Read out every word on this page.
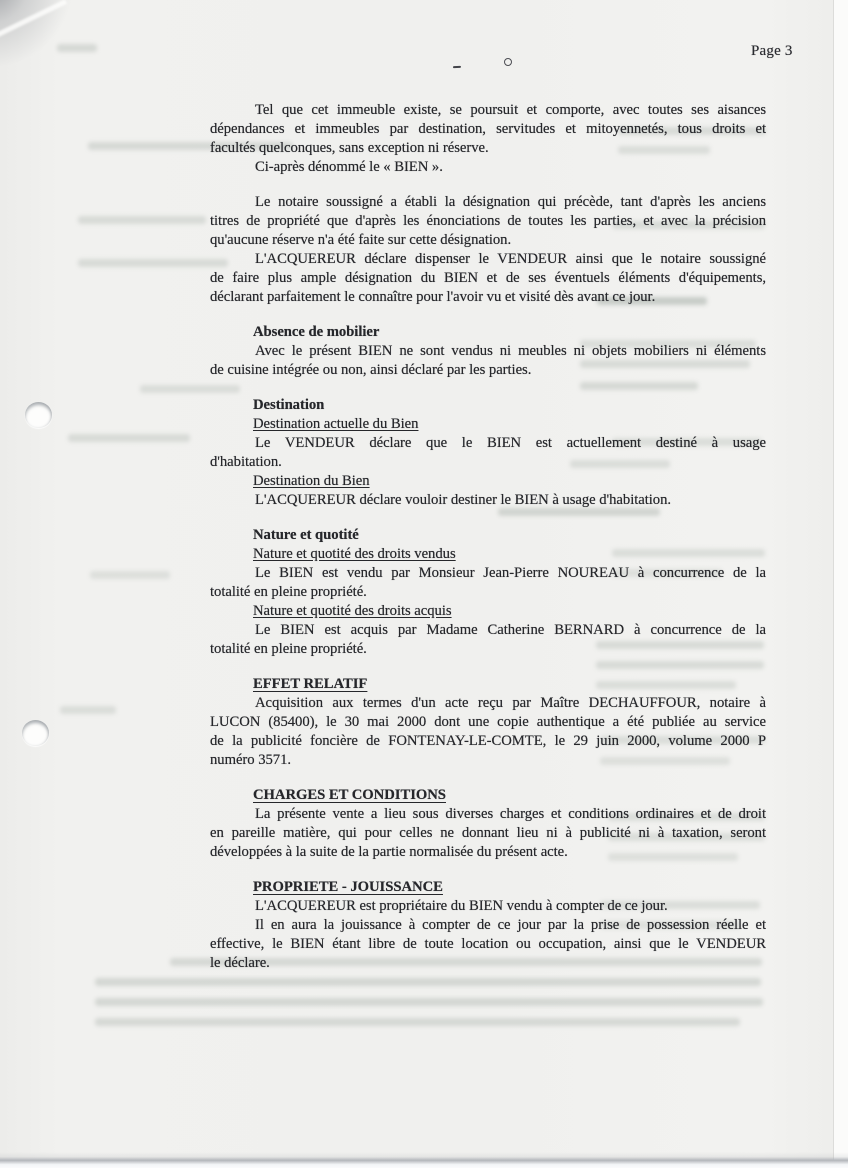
Page 3
Tel que cet immeuble existe, se poursuit et comporte, avec toutes ses aisances
dépendances et immeubles par destination, servitudes et mitoyennetés, tous droits et
facultés quelconques, sans exception ni réserve.
Ci-après dénommé le « BIEN ».
Le notaire soussigné a établi la désignation qui précède, tant d'après les anciens
titres de propriété que d'après les énonciations de toutes les parties, et avec la précision
qu'aucune réserve n'a été faite sur cette désignation.
L'ACQUEREUR déclare dispenser le VENDEUR ainsi que le notaire soussigné
de faire plus ample désignation du BIEN et de ses éventuels éléments d'équipements,
déclarant parfaitement le connaître pour l'avoir vu et visité dès avant ce jour.
Absence de mobilier
Avec le présent BIEN ne sont vendus ni meubles ni objets mobiliers ni éléments
de cuisine intégrée ou non, ainsi déclaré par les parties.
Destination
Destination actuelle du Bien
Le VENDEUR déclare que le BIEN est actuellement destiné à usage
d'habitation.
Destination du Bien
L'ACQUEREUR déclare vouloir destiner le BIEN à usage d'habitation.
Nature et quotité
Nature et quotité des droits vendus
Le BIEN est vendu par Monsieur Jean-Pierre NOUREAU à concurrence de la
totalité en pleine propriété.
Nature et quotité des droits acquis
Le BIEN est acquis par Madame Catherine BERNARD à concurrence de la
totalité en pleine propriété.
EFFET RELATIF
Acquisition aux termes d'un acte reçu par Maître DECHAUFFOUR, notaire à
LUCON (85400), le 30 mai 2000 dont une copie authentique a été publiée au service
de la publicité foncière de FONTENAY-LE-COMTE, le 29 juin 2000, volume 2000 P
numéro 3571.
CHARGES ET CONDITIONS
La présente vente a lieu sous diverses charges et conditions ordinaires et de droit
en pareille matière, qui pour celles ne donnant lieu ni à publicité ni à taxation, seront
développées à la suite de la partie normalisée du présent acte.
PROPRIETE - JOUISSANCE
L'ACQUEREUR est propriétaire du BIEN vendu à compter de ce jour.
Il en aura la jouissance à compter de ce jour par la prise de possession réelle et
effective, le BIEN étant libre de toute location ou occupation, ainsi que le VENDEUR
le déclare.
